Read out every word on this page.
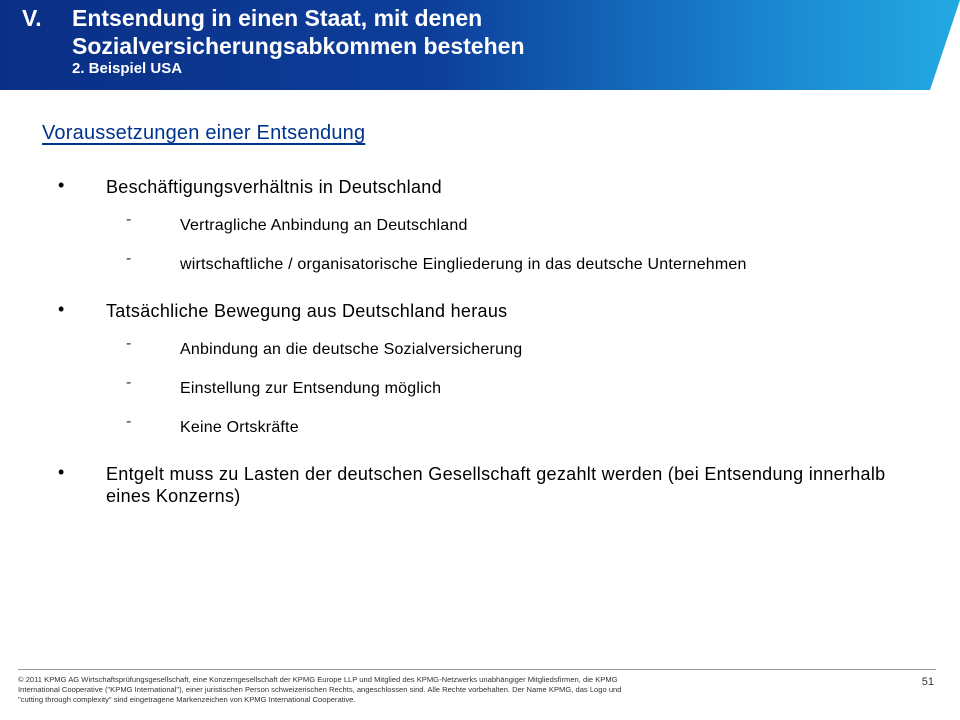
V.	Entsendung in einen Staat, mit denen
Sozialversicherungsabkommen bestehen
2. Beispiel USA
Voraussetzungen einer Entsendung
• Beschäftigungsverhältnis in Deutschland
-	Vertragliche Anbindung an Deutschland
-	wirtschaftliche / organisatorische Eingliederung in das deutsche Unternehmen
• Tatsächliche Bewegung aus Deutschland heraus
-	Anbindung an die deutsche Sozialversicherung
-	Einstellung zur Entsendung möglich
-	Keine Ortskräfte
• Entgelt muss zu Lasten der deutschen Gesellschaft gezahlt werden (bei Entsendung innerhalb eines Konzerns)
© 2011 KPMG AG Wirtschaftsprüfungsgesellschaft, eine Konzerngesellschaft der KPMG Europe LLP und Mitglied des KPMG-Netzwerks unabhängiger Mitgliedsfirmen, die KPMG International Cooperative ("KPMG International"), einer juristischen Person schweizerischen Rechts, angeschlossen sind. Alle Rechte vorbehalten. Der Name KPMG, das Logo und "cutting through complexity" sind eingetragene Markenzeichen von KPMG International Cooperative.
51
